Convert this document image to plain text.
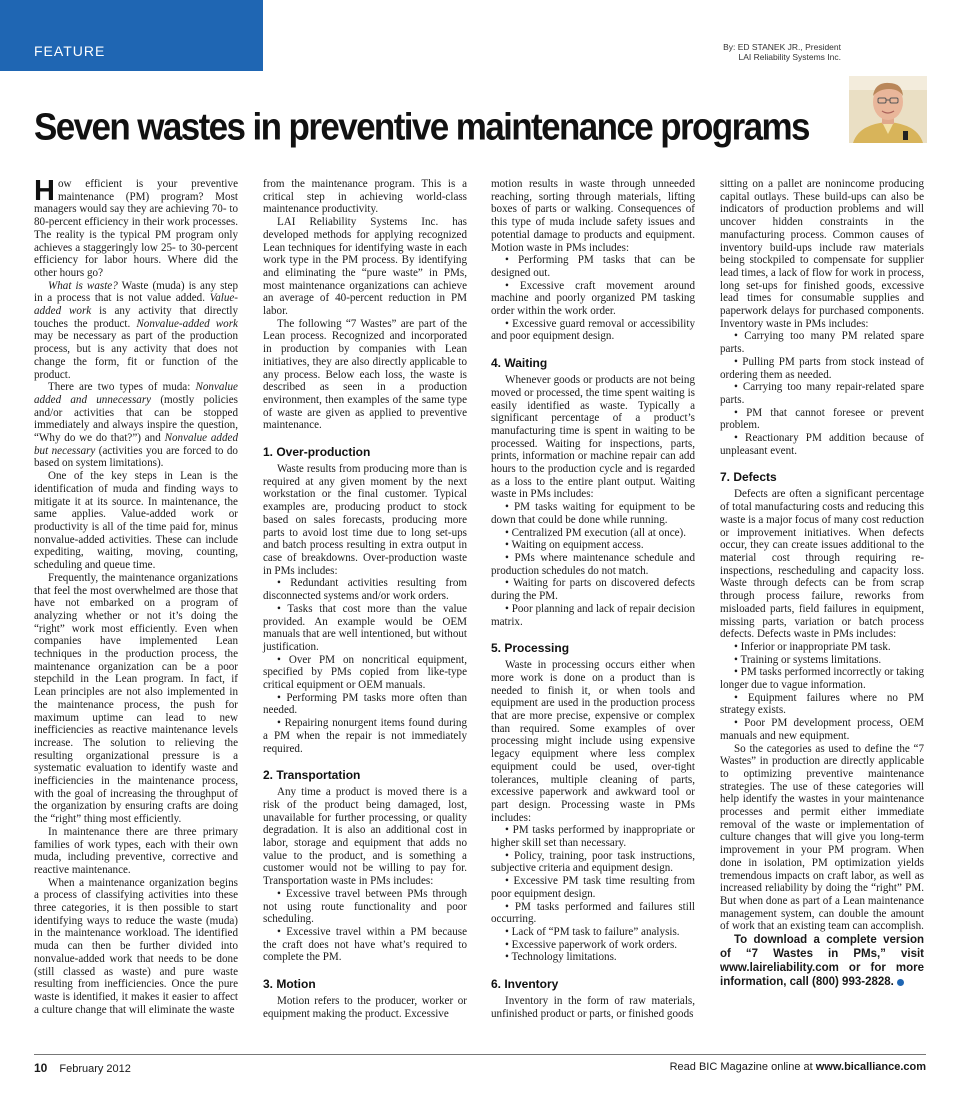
FEATURE	By: ED STANEK JR., President
LAI Reliability Systems Inc.
Seven wastes in preventive maintenance programs

How efficient is your preventive maintenance (PM) program? Most managers would say they are achieving 70- to 80-percent efficiency in their work processes. The reality is the typical PM program only achieves a staggeringly low 25- to 30-percent efficiency for labor hours. Where did the other hours go?

What is waste? Waste (muda) is any step in a process that is not value added. Value-added work is any activity that directly touches the product. Nonvalue-added work may be necessary as part of the production process, but is any activity that does not change the form, fit or function of the product.

There are two types of muda: Nonvalue added and unnecessary (mostly policies and/or activities that can be stopped immediately and always inspire the question, “Why do we do that?”) and Nonvalue added but necessary (activities you are forced to do based on system limitations).

One of the key steps in Lean is the identification of muda and finding ways to mitigate it at its source. In maintenance, the same applies. Value-added work or productivity is all of the time paid for, minus nonvalue-added activities. These can include expediting, waiting, moving, counting, scheduling and queue time.

Frequently, the maintenance organizations that feel the most overwhelmed are those that have not embarked on a program of analyzing whether or not it’s doing the “right” work most efficiently. Even when companies have implemented Lean techniques in the production process, the maintenance organization can be a poor stepchild in the Lean program. In fact, if Lean principles are not also implemented in the maintenance process, the push for maximum uptime can lead to new inefficiencies as reactive maintenance levels increase. The solution to relieving the resulting organizational pressure is a systematic evaluation to identify waste and inefficiencies in the maintenance process, with the goal of increasing the throughput of the organization by ensuring crafts are doing the “right” thing most efficiently.

In maintenance there are three primary families of work types, each with their own muda, including preventive, corrective and reactive maintenance.

When a maintenance organization begins a process of classifying activities into these three categories, it is then possible to start identifying ways to reduce the waste (muda) in the maintenance workload. The identified muda can then be further divided into nonvalue-added work that needs to be done (still classed as waste) and pure waste resulting from inefficiencies. Once the pure waste is identified, it makes it easier to affect a culture change that will eliminate the waste

from the maintenance program. This is a critical step in achieving world-class maintenance productivity.

LAI Reliability Systems Inc. has developed methods for applying recognized Lean techniques for identifying waste in each work type in the PM process. By identifying and eliminating the “pure waste” in PMs, most maintenance organizations can achieve an average of 40-percent reduction in PM labor.

The following “7 Wastes” are part of the Lean process. Recognized and incorporated in production by companies with Lean initiatives, they are also directly applicable to any process. Below each loss, the waste is described as seen in a production environment, then examples of the same type of waste are given as applied to preventive maintenance.

1. Over-production

Waste results from producing more than is required at any given moment by the next workstation or the final customer. Typical examples are, producing product to stock based on sales forecasts, producing more parts to avoid lost time due to long set-ups and batch process resulting in extra output in case of breakdowns. Over-production waste in PMs includes:

• Redundant activities resulting from disconnected systems and/or work orders.

• Tasks that cost more than the value provided. An example would be OEM manuals that are well intentioned, but without justification.

• Over PM on noncritical equipment, specified by PMs copied from like-type critical equipment or OEM manuals.

• Performing PM tasks more often than needed.

• Repairing nonurgent items found during a PM when the repair is not immediately required.

2. Transportation

Any time a product is moved there is a risk of the product being damaged, lost, unavailable for further processing, or quality degradation. It is also an additional cost in labor, storage and equipment that adds no value to the product, and is something a customer would not be willing to pay for. Transportation waste in PMs includes:

• Excessive travel between PMs through not using route functionality and poor scheduling.

• Excessive travel within a PM because the craft does not have what’s required to complete the PM.

3. Motion

Motion refers to the producer, worker or equipment making the product. Excessive

motion results in waste through unneeded reaching, sorting through materials, lifting boxes of parts or walking. Consequences of this type of muda include safety issues and potential damage to products and equipment. Motion waste in PMs includes:

• Performing PM tasks that can be designed out.

• Excessive craft movement around machine and poorly organized PM tasking order within the work order.

• Excessive guard removal or accessibility and poor equipment design.

4. Waiting

Whenever goods or products are not being moved or processed, the time spent waiting is easily identified as waste. Typically a significant percentage of a product’s manufacturing time is spent in waiting to be processed. Waiting for inspections, parts, prints, information or machine repair can add hours to the production cycle and is regarded as a loss to the entire plant output. Waiting waste in PMs includes:

• PM tasks waiting for equipment to be down that could be done while running.

• Centralized PM execution (all at once).

• Waiting on equipment access.

• PMs where maintenance schedule and production schedules do not match.

• Waiting for parts on discovered defects during the PM.

• Poor planning and lack of repair decision matrix.

5. Processing

Waste in processing occurs either when more work is done on a product than is needed to finish it, or when tools and equipment are used in the production process that are more precise, expensive or complex than required. Some examples of over processing might include using expensive legacy equipment where less complex equipment could be used, over-tight tolerances, multiple cleaning of parts, excessive paperwork and awkward tool or part design. Processing waste in PMs includes:

• PM tasks performed by inappropriate or higher skill set than necessary.

• Policy, training, poor task instructions, subjective criteria and equipment design.

• Excessive PM task time resulting from poor equipment design.

• PM tasks performed and failures still occurring.

• Lack of “PM task to failure” analysis.

• Excessive paperwork of work orders.

• Technology limitations.

6. Inventory

Inventory in the form of raw materials, unfinished product or parts, or finished goods

sitting on a pallet are nonincome producing capital outlays. These build-ups can also be indicators of production problems and will uncover hidden constraints in the manufacturing process. Common causes of inventory build-ups include raw materials being stockpiled to compensate for supplier lead times, a lack of flow for work in process, long set-ups for finished goods, excessive lead times for consumable supplies and paperwork delays for purchased components. Inventory waste in PMs includes:

• Carrying too many PM related spare parts.

• Pulling PM parts from stock instead of ordering them as needed.

• Carrying too many repair-related spare parts.

• PM that cannot foresee or prevent problem.

• Reactionary PM addition because of unpleasant event.

7. Defects

Defects are often a significant percentage of total manufacturing costs and reducing this waste is a major focus of many cost reduction or improvement initiatives. When defects occur, they can create issues additional to the material cost through requiring re-inspections, rescheduling and capacity loss. Waste through defects can be from scrap through process failure, reworks from misloaded parts, field failures in equipment, missing parts, variation or batch process defects. Defects waste in PMs includes:

• Inferior or inappropriate PM task.

• Training or systems limitations.

• PM tasks performed incorrectly or taking longer due to vague information.

• Equipment failures where no PM strategy exists.

• Poor PM development process, OEM manuals and new equipment.

So the categories as used to define the “7 Wastes” in production are directly applicable to optimizing preventive maintenance strategies. The use of these categories will help identify the wastes in your maintenance processes and permit either immediate removal of the waste or implementation of culture changes that will give you long-term improvement in your PM program. When done in isolation, PM optimization yields tremendous impacts on craft labor, as well as increased reliability by doing the “right” PM. But when done as part of a Lean maintenance management system, can double the amount of work that an existing team can accomplish.

To download a complete version of “7 Wastes in PMs,” visit www.laireliability.com or for more information, call (800) 993-2828.

10 February 2012	Read BIC Magazine online at www.bicalliance.com
